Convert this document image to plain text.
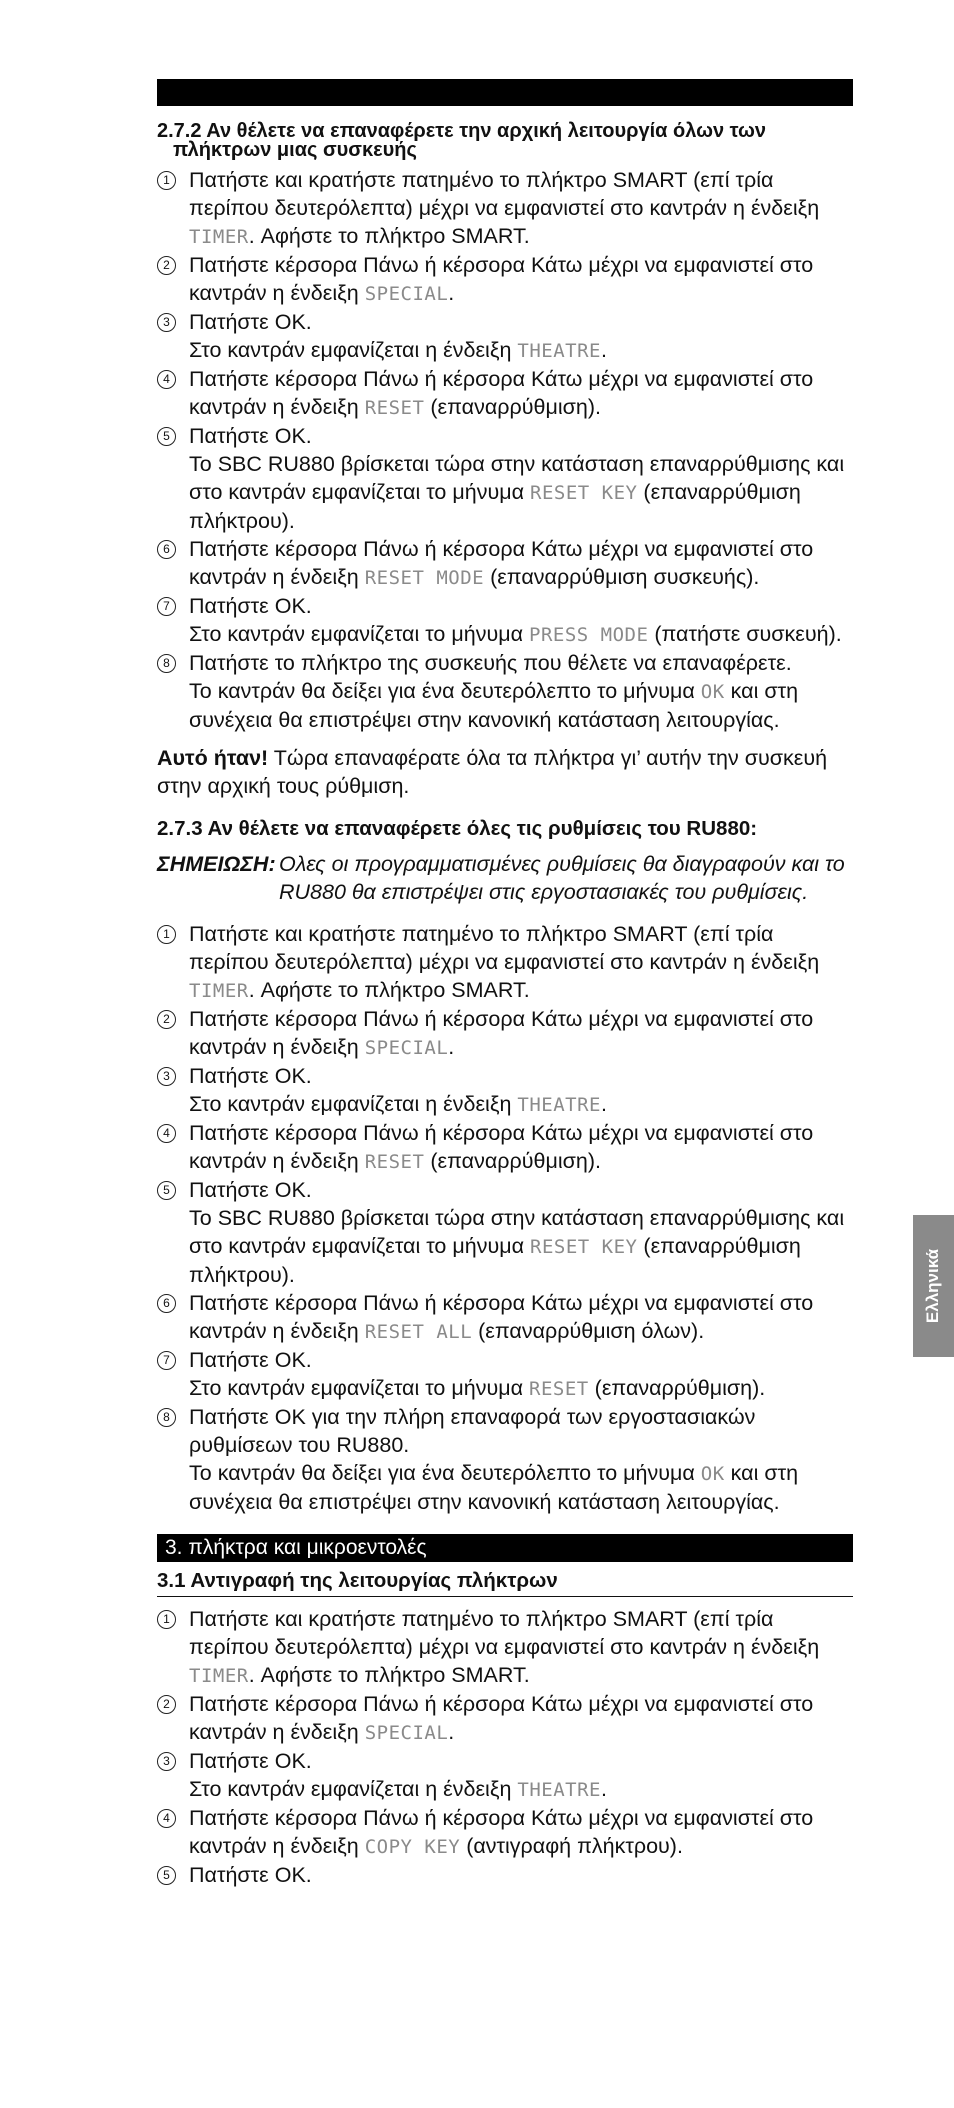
2.7.2 Αν θέλετε να επαναφέρετε την αρχική λειτουργία όλων των
πλήκτρων μιας συσκευής
1 Πατήστε και κρατήστε πατημένο το πλήκτρο SMART (επί τρία περίπου δευτερόλεπτα) μέχρι να εμφανιστεί στο καντράν η ένδειξη TIMER. Αφήστε το πλήκτρο SMART.

2 Πατήστε κέρσορα Πάνω ή κέρσορα Κάτω μέχρι να εμφανιστεί στο καντράν η ένδειξη SPECIAL.

3 Πατήστε OK.

Στο καντράν εμφανίζεται η ένδειξη THEATRE.

4 Πατήστε κέρσορα Πάνω ή κέρσορα Κάτω μέχρι να εμφανιστεί στο καντράν η ένδειξη RESET (επαναρρύθμιση).

5 Πατήστε OK.

Το SBC RU880 βρίσκεται τώρα στην κατάσταση επαναρρύθμισης και στο καντράν εμφανίζεται το μήνυμα RESET KEY (επαναρρύθμιση πλήκτρου).

6 Πατήστε κέρσορα Πάνω ή κέρσορα Κάτω μέχρι να εμφανιστεί στο καντράν η ένδειξη RESET MODE (επαναρρύθμιση συσκευής).

7 Πατήστε OK.

Στο καντράν εμφανίζεται το μήνυμα PRESS MODE (πατήστε συσκευή).

8 Πατήστε το πλήκτρο της συσκευής που θέλετε να επαναφέρετε.

Το καντράν θα δείξει για ένα δευτερόλεπτο το μήνυμα OK και στη συνέχεια θα επιστρέψει στην κανονική κατάσταση λειτουργίας.

Αυτό ήταν! Τώρα επαναφέρατε όλα τα πλήκτρα γι’ αυτήν την συσκευή στην αρχική τους ρύθμιση.

2.7.3 Αν θέλετε να επαναφέρετε όλες τις ρυθμίσεις του RU880:
ΣΗΜΕΙΩΣΗ: Ολες οι προγραμματισμένες ρυθμίσεις θα διαγραφούν και το RU880 θα επιστρέψει στις εργοστασιακές του ρυθμίσεις.
1 Πατήστε και κρατήστε πατημένο το πλήκτρο SMART (επί τρία περίπου δευτερόλεπτα) μέχρι να εμφανιστεί στο καντράν η ένδειξη TIMER. Αφήστε το πλήκτρο SMART.

2 Πατήστε κέρσορα Πάνω ή κέρσορα Κάτω μέχρι να εμφανιστεί στο καντράν η ένδειξη SPECIAL.

3 Πατήστε OK.

Στο καντράν εμφανίζεται η ένδειξη THEATRE.

4 Πατήστε κέρσορα Πάνω ή κέρσορα Κάτω μέχρι να εμφανιστεί στο καντράν η ένδειξη RESET (επαναρρύθμιση).

5 Πατήστε OK.

Το SBC RU880 βρίσκεται τώρα στην κατάσταση επαναρρύθμισης και στο καντράν εμφανίζεται το μήνυμα RESET KEY (επαναρρύθμιση πλήκτρου).

6 Πατήστε κέρσορα Πάνω ή κέρσορα Κάτω μέχρι να εμφανιστεί στο καντράν η ένδειξη RESET ALL (επαναρρύθμιση όλων).

7 Πατήστε OK.

Στο καντράν εμφανίζεται το μήνυμα RESET (επαναρρύθμιση).

8 Πατήστε OK για την πλήρη επαναφορά των εργοστασιακών ρυθμίσεων του RU880.

Το καντράν θα δείξει για ένα δευτερόλεπτο το μήνυμα OK και στη συνέχεια θα επιστρέψει στην κανονική κατάσταση λειτουργίας.

3. πλήκτρα και μικροεντολές
3.1 Αντιγραφή της λειτουργίας πλήκτρων
1 Πατήστε και κρατήστε πατημένο το πλήκτρο SMART (επί τρία περίπου δευτερόλεπτα) μέχρι να εμφανιστεί στο καντράν η ένδειξη TIMER. Αφήστε το πλήκτρο SMART.

2 Πατήστε κέρσορα Πάνω ή κέρσορα Κάτω μέχρι να εμφανιστεί στο καντράν η ένδειξη SPECIAL.

3 Πατήστε OK.

Στο καντράν εμφανίζεται η ένδειξη THEATRE.

4 Πατήστε κέρσορα Πάνω ή κέρσορα Κάτω μέχρι να εμφανιστεί στο καντράν η ένδειξη COPY KEY (αντιγραφή πλήκτρου).

5 Πατήστε OK.

Ελληνικά
